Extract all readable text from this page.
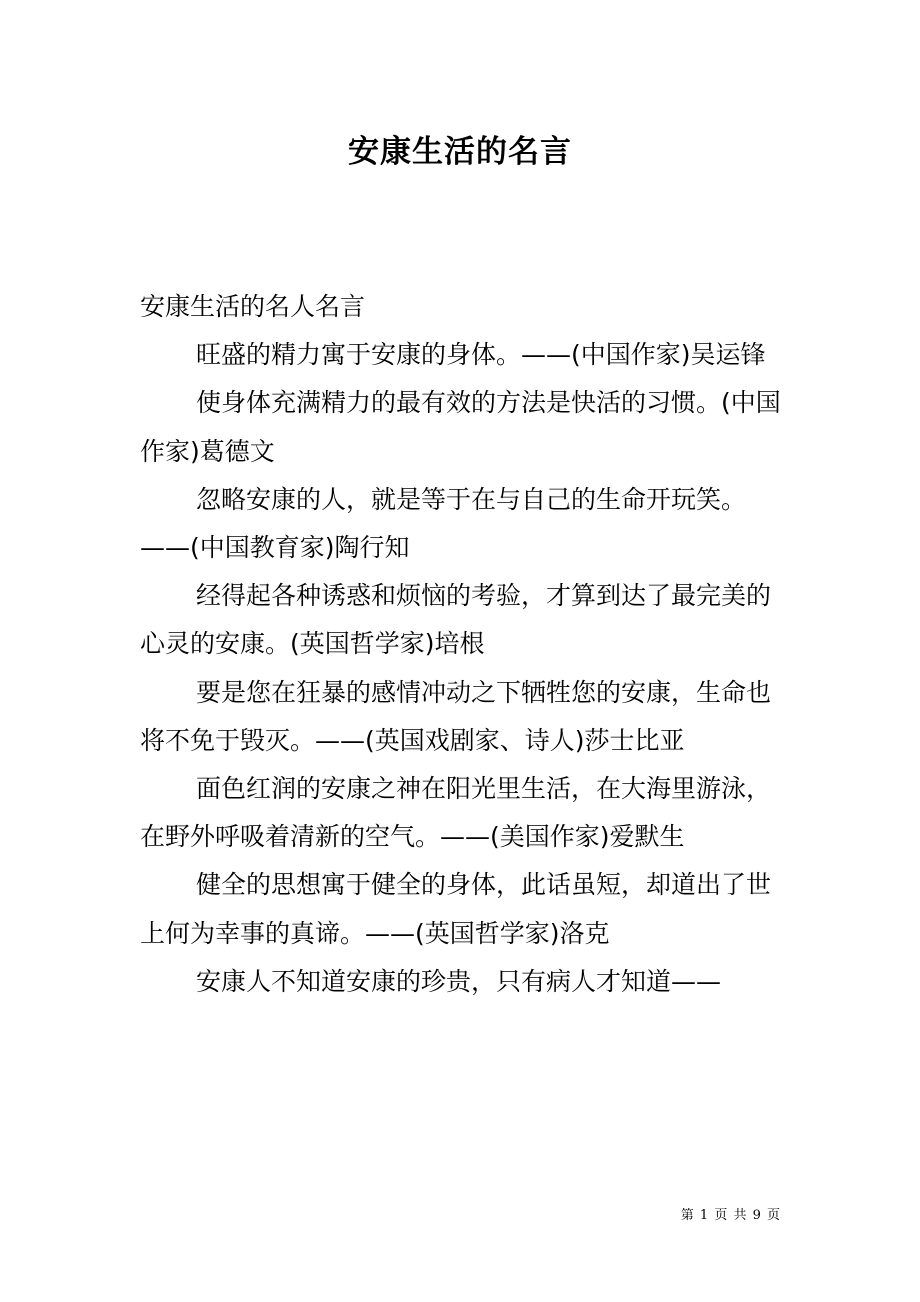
安康生活的名言

安康生活的名人名言

旺盛的精力寓于安康的身体。——(中国作家)吴运锋

使身体充满精力的最有效的方法是快活的习惯。(中国作家)葛德文

忽略安康的人，就是等于在与自己的生命开玩笑。——(中国教育家)陶行知

经得起各种诱惑和烦恼的考验，才算到达了最完美的心灵的安康。(英国哲学家)培根

要是您在狂暴的感情冲动之下牺牲您的安康，生命也将不免于毁灭。——(英国戏剧家、诗人)莎士比亚

面色红润的安康之神在阳光里生活，在大海里游泳，在野外呼吸着清新的空气。——(美国作家)爱默生

健全的思想寓于健全的身体，此话虽短，却道出了世上何为幸事的真谛。——(英国哲学家)洛克

安康人不知道安康的珍贵，只有病人才知道——

第 1 页 共 9 页
